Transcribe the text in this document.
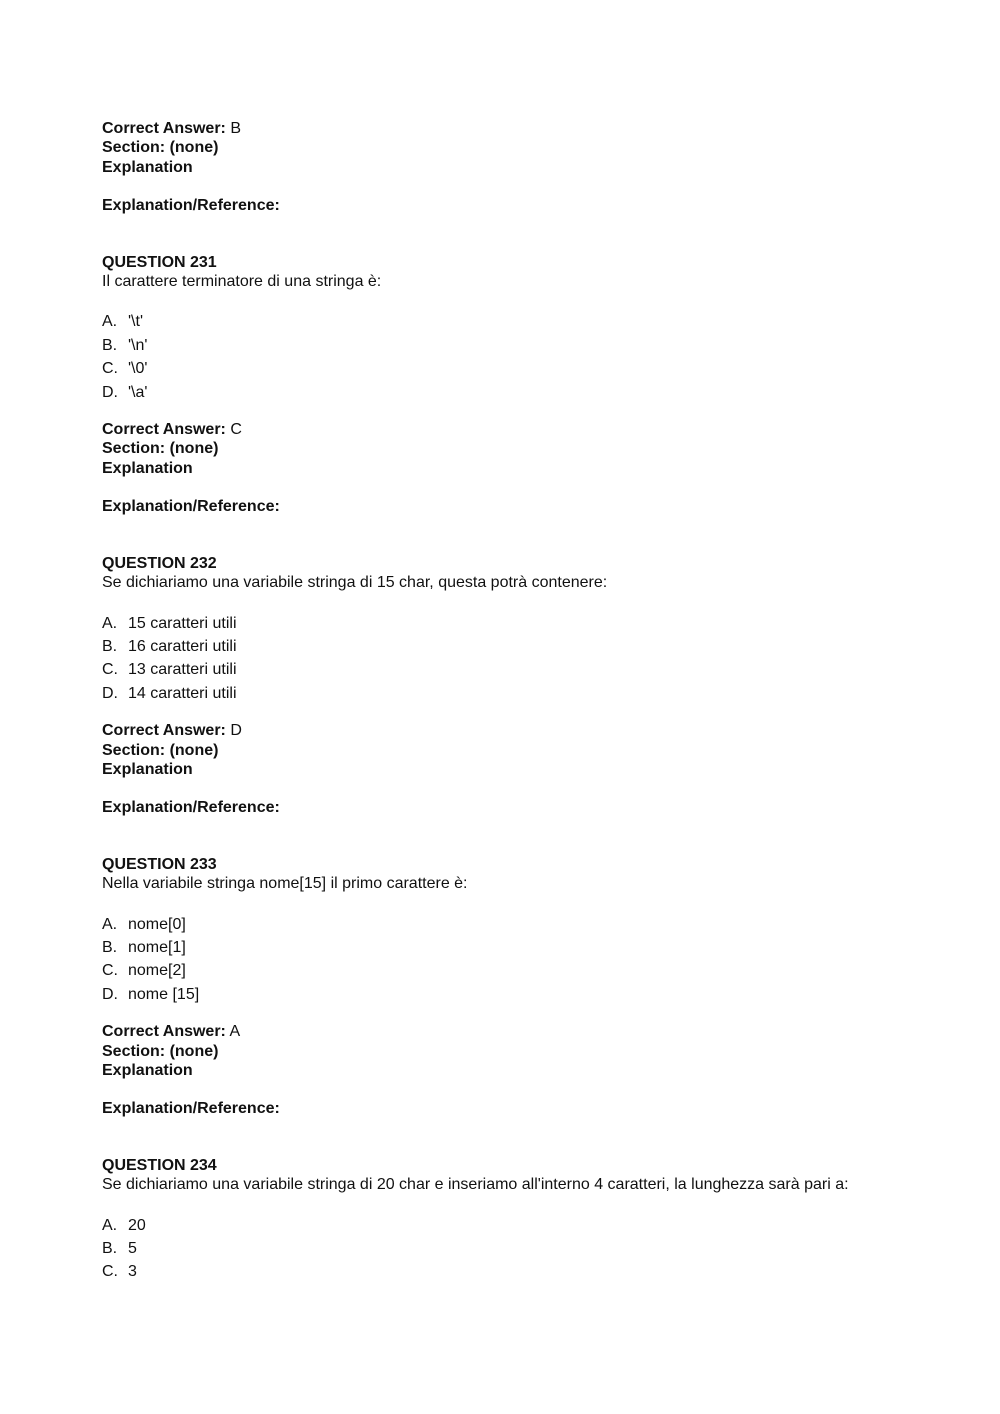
Correct Answer: B
Section: (none)
Explanation
Explanation/Reference:
QUESTION 231
Il carattere terminatore di una stringa è:
A. '\t'
B. '\n'
C. '\0'
D. '\a'
Correct Answer: C
Section: (none)
Explanation
Explanation/Reference:
QUESTION 232
Se dichiariamo una variabile stringa di 15 char, questa potrà contenere:
A. 15 caratteri utili
B. 16 caratteri utili
C. 13 caratteri utili
D. 14 caratteri utili
Correct Answer: D
Section: (none)
Explanation
Explanation/Reference:
QUESTION 233
Nella variabile stringa nome[15] il primo carattere è:
A. nome[0]
B. nome[1]
C. nome[2]
D. nome [15]
Correct Answer: A
Section: (none)
Explanation
Explanation/Reference:
QUESTION 234
Se dichiariamo una variabile stringa di 20 char e inseriamo all'interno 4 caratteri, la lunghezza sarà pari a:
A. 20
B. 5
C. 3
